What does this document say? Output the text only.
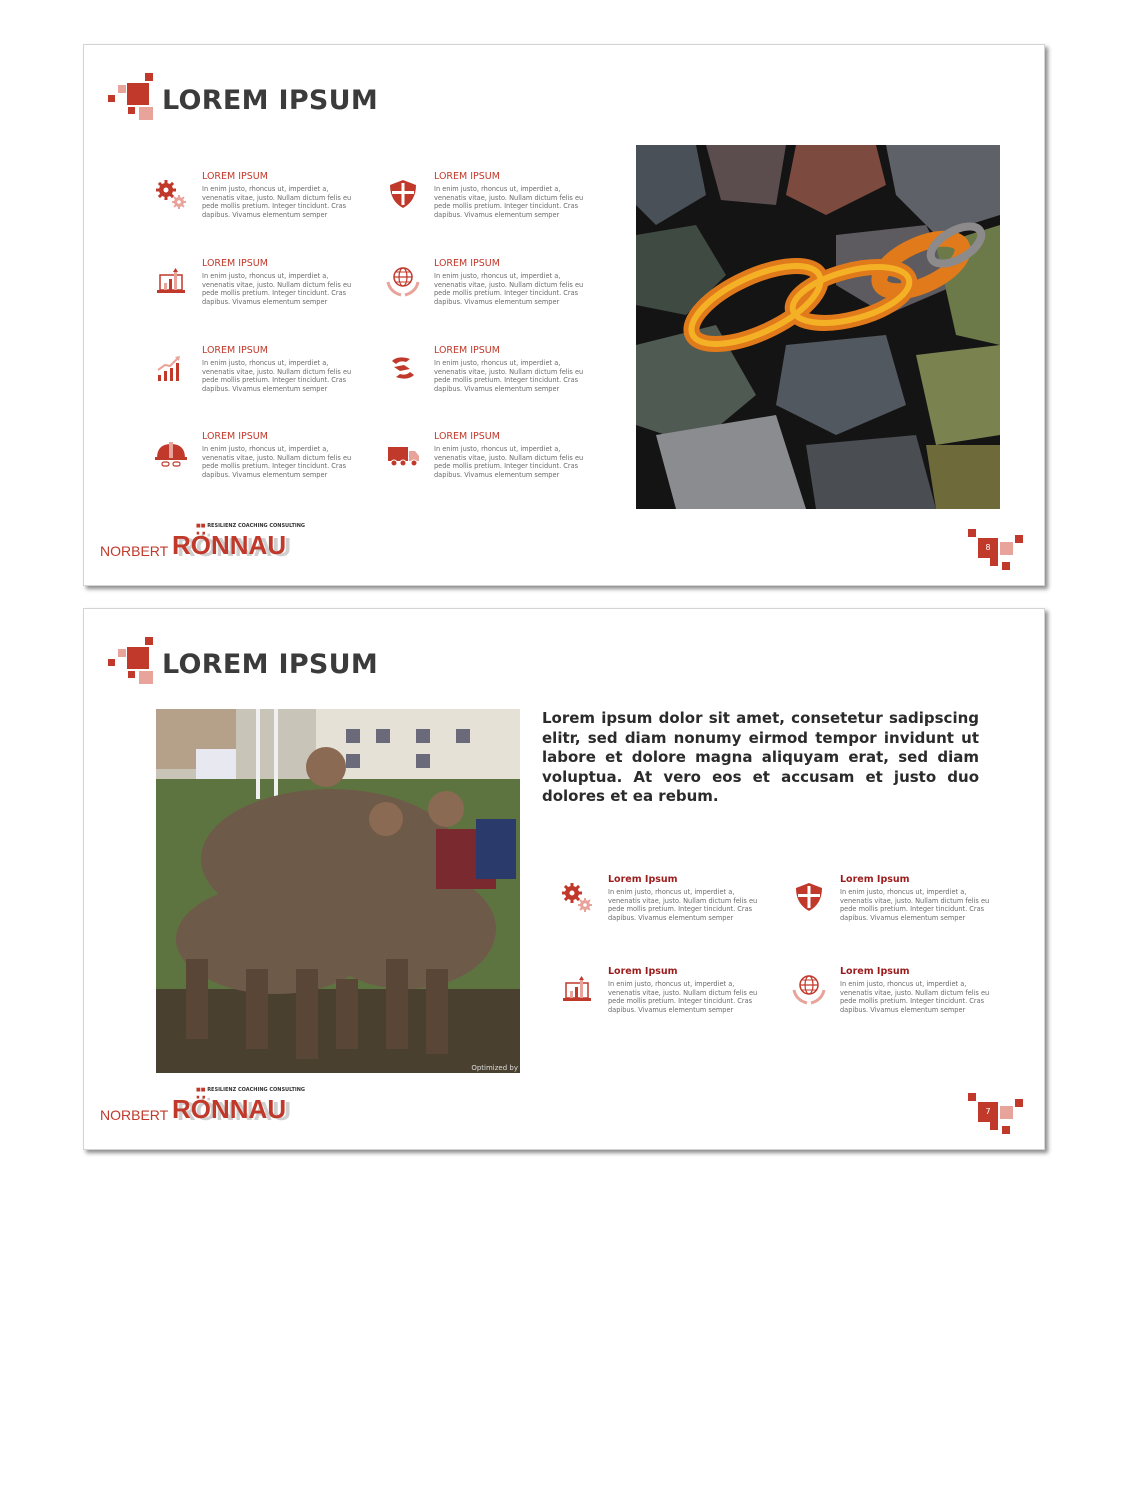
LOREM IPSUM
LOREM IPSUM
In enim justo, rhoncus ut, imperdiet a, venenatis vitae, justo. Nullam dictum felis eu pede mollis pretium. Integer tincidunt. Cras dapibus. Vivamus elementum semper
LOREM IPSUM
In enim justo, rhoncus ut, imperdiet a, venenatis vitae, justo. Nullam dictum felis eu pede mollis pretium. Integer tincidunt. Cras dapibus. Vivamus elementum semper
LOREM IPSUM
In enim justo, rhoncus ut, imperdiet a, venenatis vitae, justo. Nullam dictum felis eu pede mollis pretium. Integer tincidunt. Cras dapibus. Vivamus elementum semper
LOREM IPSUM
In enim justo, rhoncus ut, imperdiet a, venenatis vitae, justo. Nullam dictum felis eu pede mollis pretium. Integer tincidunt. Cras dapibus. Vivamus elementum semper
LOREM IPSUM
In enim justo, rhoncus ut, imperdiet a, venenatis vitae, justo. Nullam dictum felis eu pede mollis pretium. Integer tincidunt. Cras dapibus. Vivamus elementum semper
LOREM IPSUM
In enim justo, rhoncus ut, imperdiet a, venenatis vitae, justo. Nullam dictum felis eu pede mollis pretium. Integer tincidunt. Cras dapibus. Vivamus elementum semper
LOREM IPSUM
In enim justo, rhoncus ut, imperdiet a, venenatis vitae, justo. Nullam dictum felis eu pede mollis pretium. Integer tincidunt. Cras dapibus. Vivamus elementum semper
LOREM IPSUM
In enim justo, rhoncus ut, imperdiet a, venenatis vitae, justo. Nullam dictum felis eu pede mollis pretium. Integer tincidunt. Cras dapibus. Vivamus elementum semper
■■ RESILIENZ COACHING CONSULTING
NORBERT RÖNNAU	8
LOREM IPSUM
Optimized by
Lorem ipsum dolor sit amet, consetetur sadipscing elitr, sed diam nonumy eirmod tempor invidunt ut labore et dolore magna aliquyam erat, sed diam voluptua. At vero eos et accusam et justo duo dolores et ea rebum.
Lorem Ipsum
In enim justo, rhoncus ut, imperdiet a, venenatis vitae, justo. Nullam dictum felis eu pede mollis pretium. Integer tincidunt. Cras dapibus. Vivamus elementum semper
Lorem Ipsum
In enim justo, rhoncus ut, imperdiet a, venenatis vitae, justo. Nullam dictum felis eu pede mollis pretium. Integer tincidunt. Cras dapibus. Vivamus elementum semper
Lorem Ipsum
In enim justo, rhoncus ut, imperdiet a, venenatis vitae, justo. Nullam dictum felis eu pede mollis pretium. Integer tincidunt. Cras dapibus. Vivamus elementum semper
Lorem Ipsum
In enim justo, rhoncus ut, imperdiet a, venenatis vitae, justo. Nullam dictum felis eu pede mollis pretium. Integer tincidunt. Cras dapibus. Vivamus elementum semper
■■ RESILIENZ COACHING CONSULTING
NORBERT RÖNNAU	7
